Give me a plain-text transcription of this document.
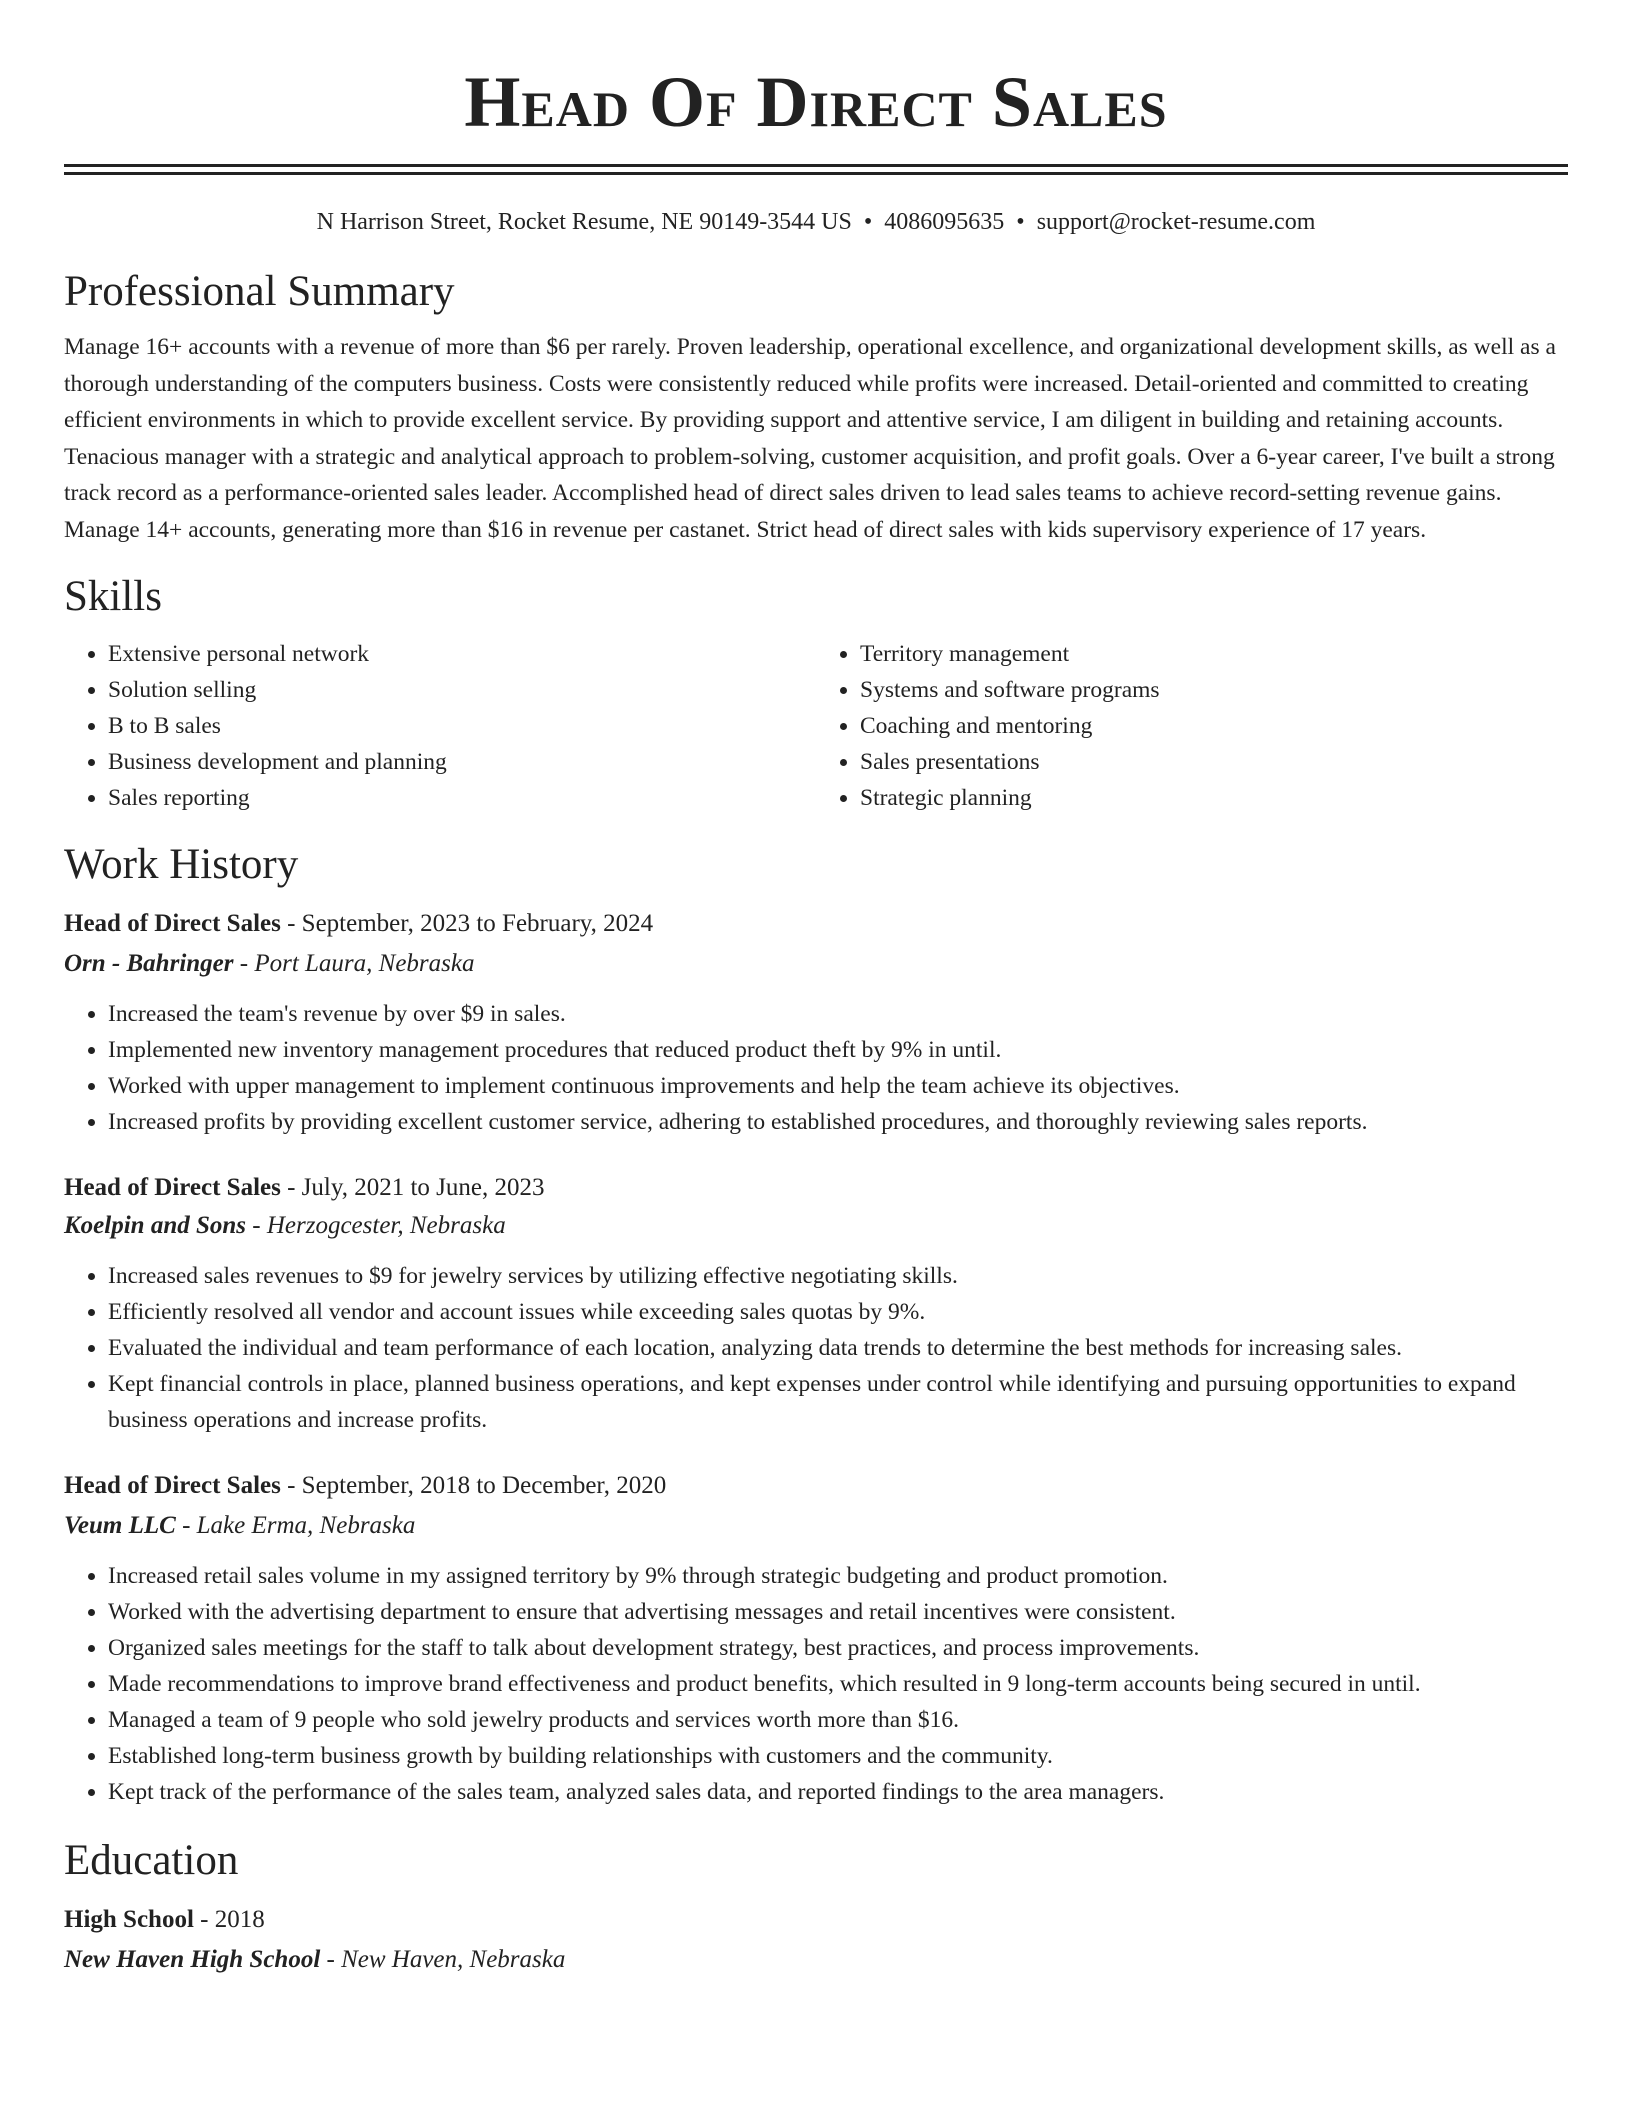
Head Of Direct Sales
N Harrison Street, Rocket Resume, NE 90149-3544 US • 4086095635 • support@rocket-resume.com
Professional Summary

Manage 16+ accounts with a revenue of more than $6 per rarely. Proven leadership, operational excellence, and organizational development skills, as well as a thorough understanding of the computers business. Costs were consistently reduced while profits were increased. Detail-oriented and committed to creating efficient environments in which to provide excellent service. By providing support and attentive service, I am diligent in building and retaining accounts. Tenacious manager with a strategic and analytical approach to problem-solving, customer acquisition, and profit goals. Over a 6-year career, I've built a strong track record as a performance-oriented sales leader. Accomplished head of direct sales driven to lead sales teams to achieve record-setting revenue gains. Manage 14+ accounts, generating more than $16 in revenue per castanet. Strict head of direct sales with kids supervisory experience of 17 years.

Skills
• Extensive personal network
• Solution selling
• B to B sales
• Business development and planning
• Sales reporting
• Territory management
• Systems and software programs
• Coaching and mentoring
• Sales presentations
• Strategic planning
Work History
Head of Direct Sales - September, 2023 to February, 2024
Orn - Bahringer - Port Laura, Nebraska
• Increased the team's revenue by over $9 in sales.
• Implemented new inventory management procedures that reduced product theft by 9% in until.
• Worked with upper management to implement continuous improvements and help the team achieve its objectives.
• Increased profits by providing excellent customer service, adhering to established procedures, and thoroughly reviewing sales reports.
Head of Direct Sales - July, 2021 to June, 2023
Koelpin and Sons - Herzogcester, Nebraska
• Increased sales revenues to $9 for jewelry services by utilizing effective negotiating skills.
• Efficiently resolved all vendor and account issues while exceeding sales quotas by 9%.
• Evaluated the individual and team performance of each location, analyzing data trends to determine the best methods for increasing sales.
• Kept financial controls in place, planned business operations, and kept expenses under control while identifying and pursuing opportunities to expand business operations and increase profits.
Head of Direct Sales - September, 2018 to December, 2020
Veum LLC - Lake Erma, Nebraska
• Increased retail sales volume in my assigned territory by 9% through strategic budgeting and product promotion.
• Worked with the advertising department to ensure that advertising messages and retail incentives were consistent.
• Organized sales meetings for the staff to talk about development strategy, best practices, and process improvements.
• Made recommendations to improve brand effectiveness and product benefits, which resulted in 9 long-term accounts being secured in until.
• Managed a team of 9 people who sold jewelry products and services worth more than $16.
• Established long-term business growth by building relationships with customers and the community.
• Kept track of the performance of the sales team, analyzed sales data, and reported findings to the area managers.
Education
High School - 2018
New Haven High School - New Haven, Nebraska
